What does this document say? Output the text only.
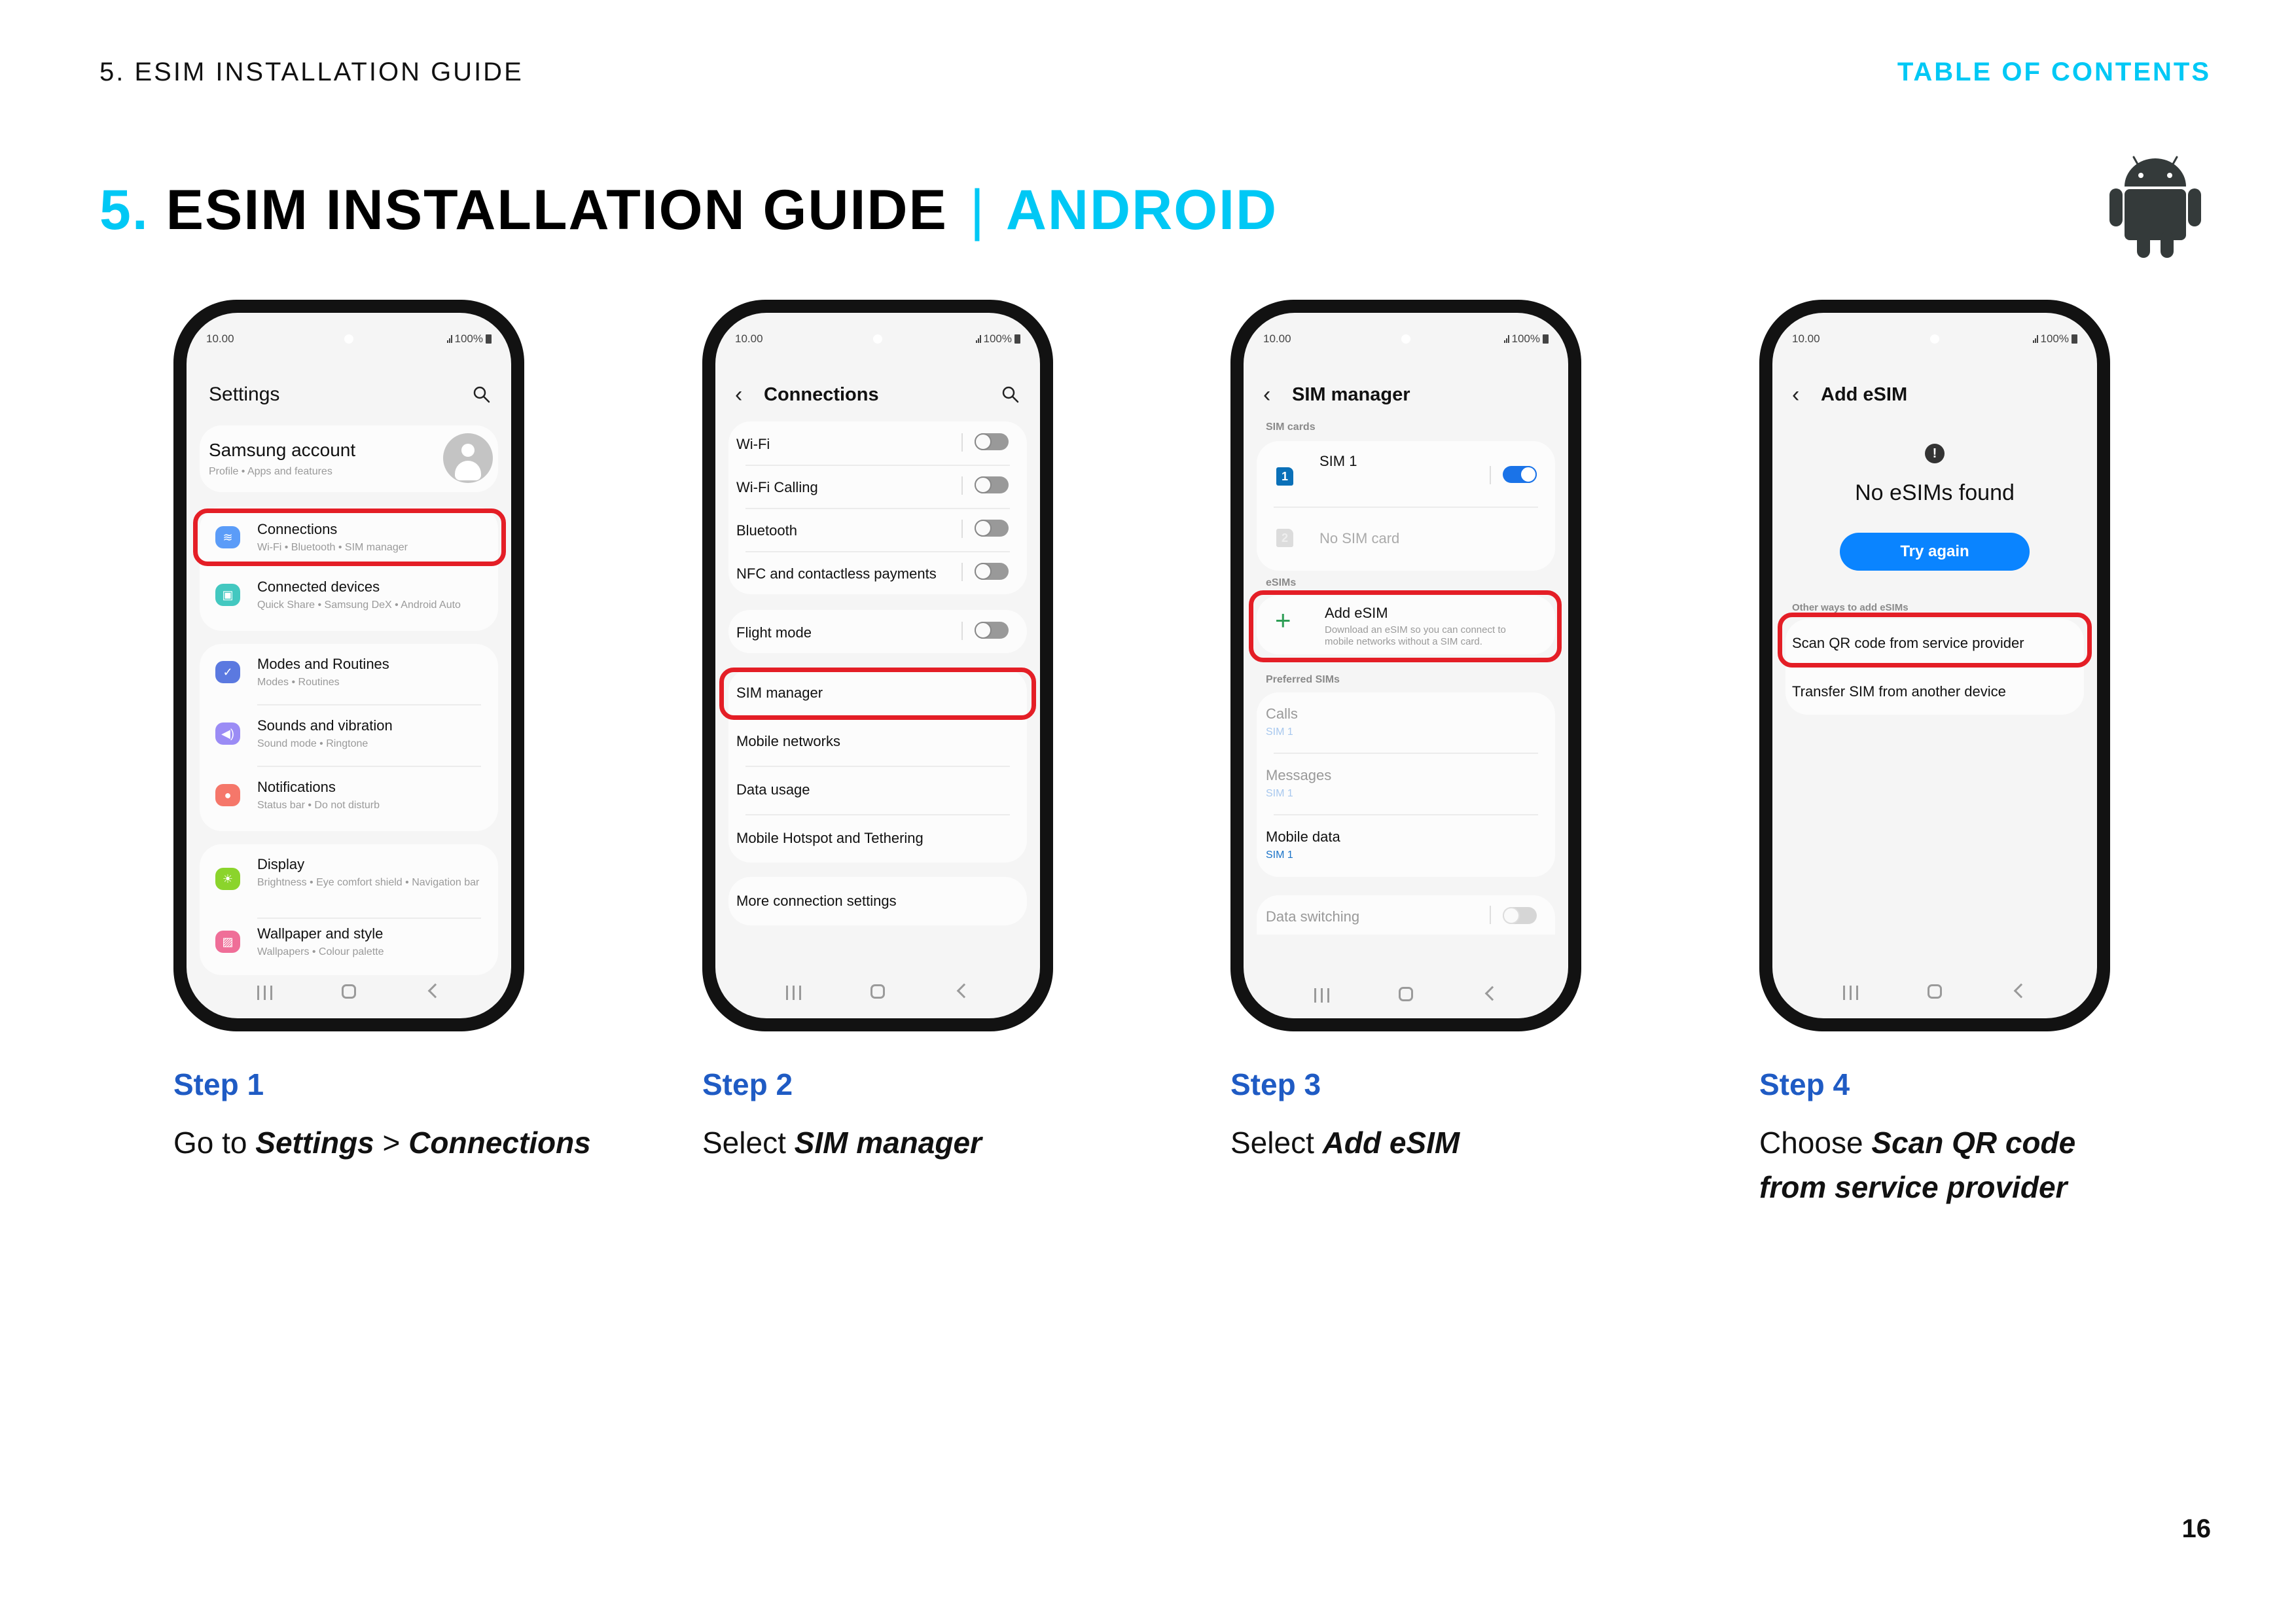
5. ESIM INSTALLATION GUIDE	TABLE OF CONTENTS
5. ESIM INSTALLATION GUIDE | ANDROID
10.00	100%
Settings
Samsung account
Profile • Apps and features
≋	Connections
Wi-Fi • Bluetooth • SIM manager
▣	Connected devices
Quick Share • Samsung DeX • Android Auto
✓	Modes and Routines
Modes • Routines
◀)	Sounds and vibration
Sound mode • Ringtone
●	Notifications
Status bar • Do not disturb
☀
Display
Brightness • Eye comfort shield • Navigation bar
▨	Wallpaper and style
Wallpapers • Colour palette
10.00	100%
‹	Connections
Wi-Fi
Wi-Fi Calling
Bluetooth
NFC and contactless payments
Flight mode
SIM manager
Mobile networks
Data usage
Mobile Hotspot and Tethering
More connection settings
10.00	100%
‹	SIM manager
SIM cards
1
SIM 1
2	No SIM card
eSIMs
+ Add eSIM
Download an eSIM so you can connect to
mobile networks without a SIM card.
Preferred SIMs
Calls
SIM 1
Messages
SIM 1
Mobile data
SIM 1
Data switching
10.00	100%
‹	Add eSIM
!
No eSIMs found
Try again
Other ways to add eSIMs
Scan QR code from service provider
Transfer SIM from another device
Step 1
Go to Settings > Connections
Step 2
Select SIM manager
Step 3
Select Add eSIM
Step 4
Choose Scan QR code
from service provider
16
